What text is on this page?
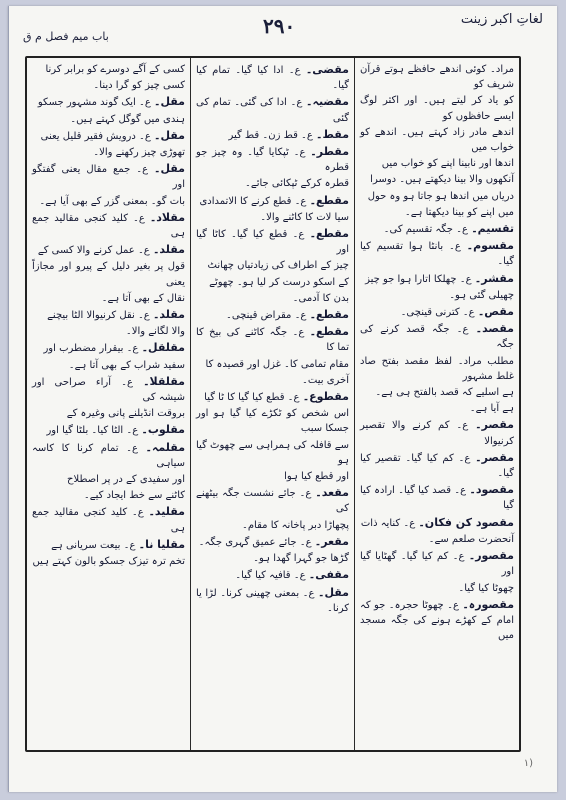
باب میم فصل م ق	۲۹۰	لغاتِ اکبر زینت

مراد۔ کوئی اندھے حافظے ہوتے قرآن شریف کو

کو یاد کر لیتے ہیں۔ اور اکثر لوگ ایسے حافظوں کو

اندھے مادر زاد کہتے ہیں۔ اندھے کو خواب میں

اندھا اور نابینا اپنے کو خواب میں

آنکھوں والا بینا دیکھتے ہیں۔ دوسرا

دریاں میں اندھا ہو جاتا ہو وہ حول

میں اپنے کو بینا دیکھتا ہے۔

تقسیم۔ ع۔ جگہ تقسیم کی۔

مقسوم۔ ع۔ بانٹا ہوا تقسیم کیا گیا۔

مقشر۔ ع۔ چھلکا اتارا ہوا جو چیز

چھیلی گئی ہو۔

مقص۔ ع۔ کترنی قینچی۔

مقصد۔ ع۔ جگہ قصد کرنے کی جگہ

مطلب مراد۔ لفظ مقصد بفتح صاد غلط مشہور

ہے اسلیے کہ قصد بالفتح ہی ہے۔

ہے آیا ہے۔

مقصر۔ ع۔ کم کرنے والا تقصیر کرنیوالا

مقصر۔ ع۔ کم کیا گیا۔ تقصیر کیا گیا۔

مقصود۔ ع۔ قصد کیا گیا۔ ارادہ کیا گیا

مقصود کن فکان۔ ع۔ کنایہ ذات

آنحضرت صلعم سے۔

مقصور۔ ع۔ کم کیا گیا۔ گھٹایا گیا اور

چھوٹا کیا گیا۔

مقصورہ۔ ع۔ چھوٹا حجرہ۔ جو کہ امام کے کھڑے ہونے کی جگہ مسجد میں

مقضی۔ ع۔ ادا کیا گیا۔ تمام کیا گیا۔

مقضیہ۔ ع۔ ادا کی گئی۔ تمام کی گئی

مقط۔ ع۔ قط زن۔ قط گیر

مقطر۔ ع۔ ٹپکایا گیا۔ وہ چیز جو قطرہ

قطرہ کرکے ٹپکائی جائے۔

مقطع۔ ع۔ قطع کرنے کا الاتمدادی

سیا لات کا کاٹنے والا۔

مقطع۔ ع۔ قطع کیا گیا۔ کاٹا گیا اور

چیز کے اطراف کی زیادتیاں چھانٹ

کے اسکو درست کر لیا ہو۔ چھوٹے

بدن کا آدمی۔

مقطع۔ ع۔ مقراض قینچی۔

مقطع۔ ع۔ جگہ کاٹنے کی بیخ کا تما کا

مقام تمامی کا۔ غزل اور قصیدہ کا

آخری بیت۔

مقطوع۔ ع۔ قطع کیا گیا کا ٹا گیا

اس شخص کو ٹکڑے کیا گیا ہو اور جسکا سبب

سے قافلہ کی ہمراہی سے چھوٹ گیا ہو

اور قطع کیا ہوا

مقعد۔ ع۔ جائے نشست جگہ بیٹھنے کی

پچھاڑا دبر پاخانہ کا مقام۔

مقعر۔ ع۔ جائے عمیق گہری جگہ۔

گڑھا جو گہرا گھدا ہو۔

مقفی۔ ع۔ قافیہ کیا گیا۔

مقل۔ ع۔ بمعنی چھینی کرنا۔ لڑا یا کرنا۔

کسی کے آگے دوسرے کو برابر کرنا

کسی چیز کو گرا دینا۔

مقل۔ ع۔ ایک گوند مشہور جسکو

ہندی میں گوگل کہتے ہیں۔

مقل۔ ع۔ درویش فقیر قلیل یعنی

تھوڑی چیز رکھنے والا۔

مقل۔ ع۔ جمع مقال یعنی گفتگو اور

بات گو۔ بمعنی گزر کے بھی آیا ہے۔

مقلاد۔ ع۔ کلید کنجی مقالید جمع ہی

مقلد۔ ع۔ عمل کرنے والا کسی کے

قول پر بغیر دلیل کے پیرو اور مجازاً یعنی

نقال کے بھی آتا ہے۔

مقلد۔ ع۔ نقل کرنیوالا الٹا بیچنے

والا لگانے والا۔

مقلقل۔ ع۔ بیقرار مضطرب اور

سفید شراب کے بھی آتا ہے۔

مقلقلا۔ ع۔ آراء صراحی اور شیشہ کی

بروقت انڈیلنے پانی وغیرہ کے

مقلوب۔ ع۔ الٹا کیا۔ بلٹا گیا اور

مقلمہ۔ ع۔ تمام کرنا کا کاسہ سیاہی

اور سفیدی کے در پر اصطلاح

کاٹنے سے خط ایجاد کیے۔

مقلید۔ ع۔ کلید کنجی مقالید جمع ہی

مقلیا نا۔ ع۔ بیعت سریانی ہے

تخم ترہ تیزک جسکو بالون کہتے ہیں

۱)
